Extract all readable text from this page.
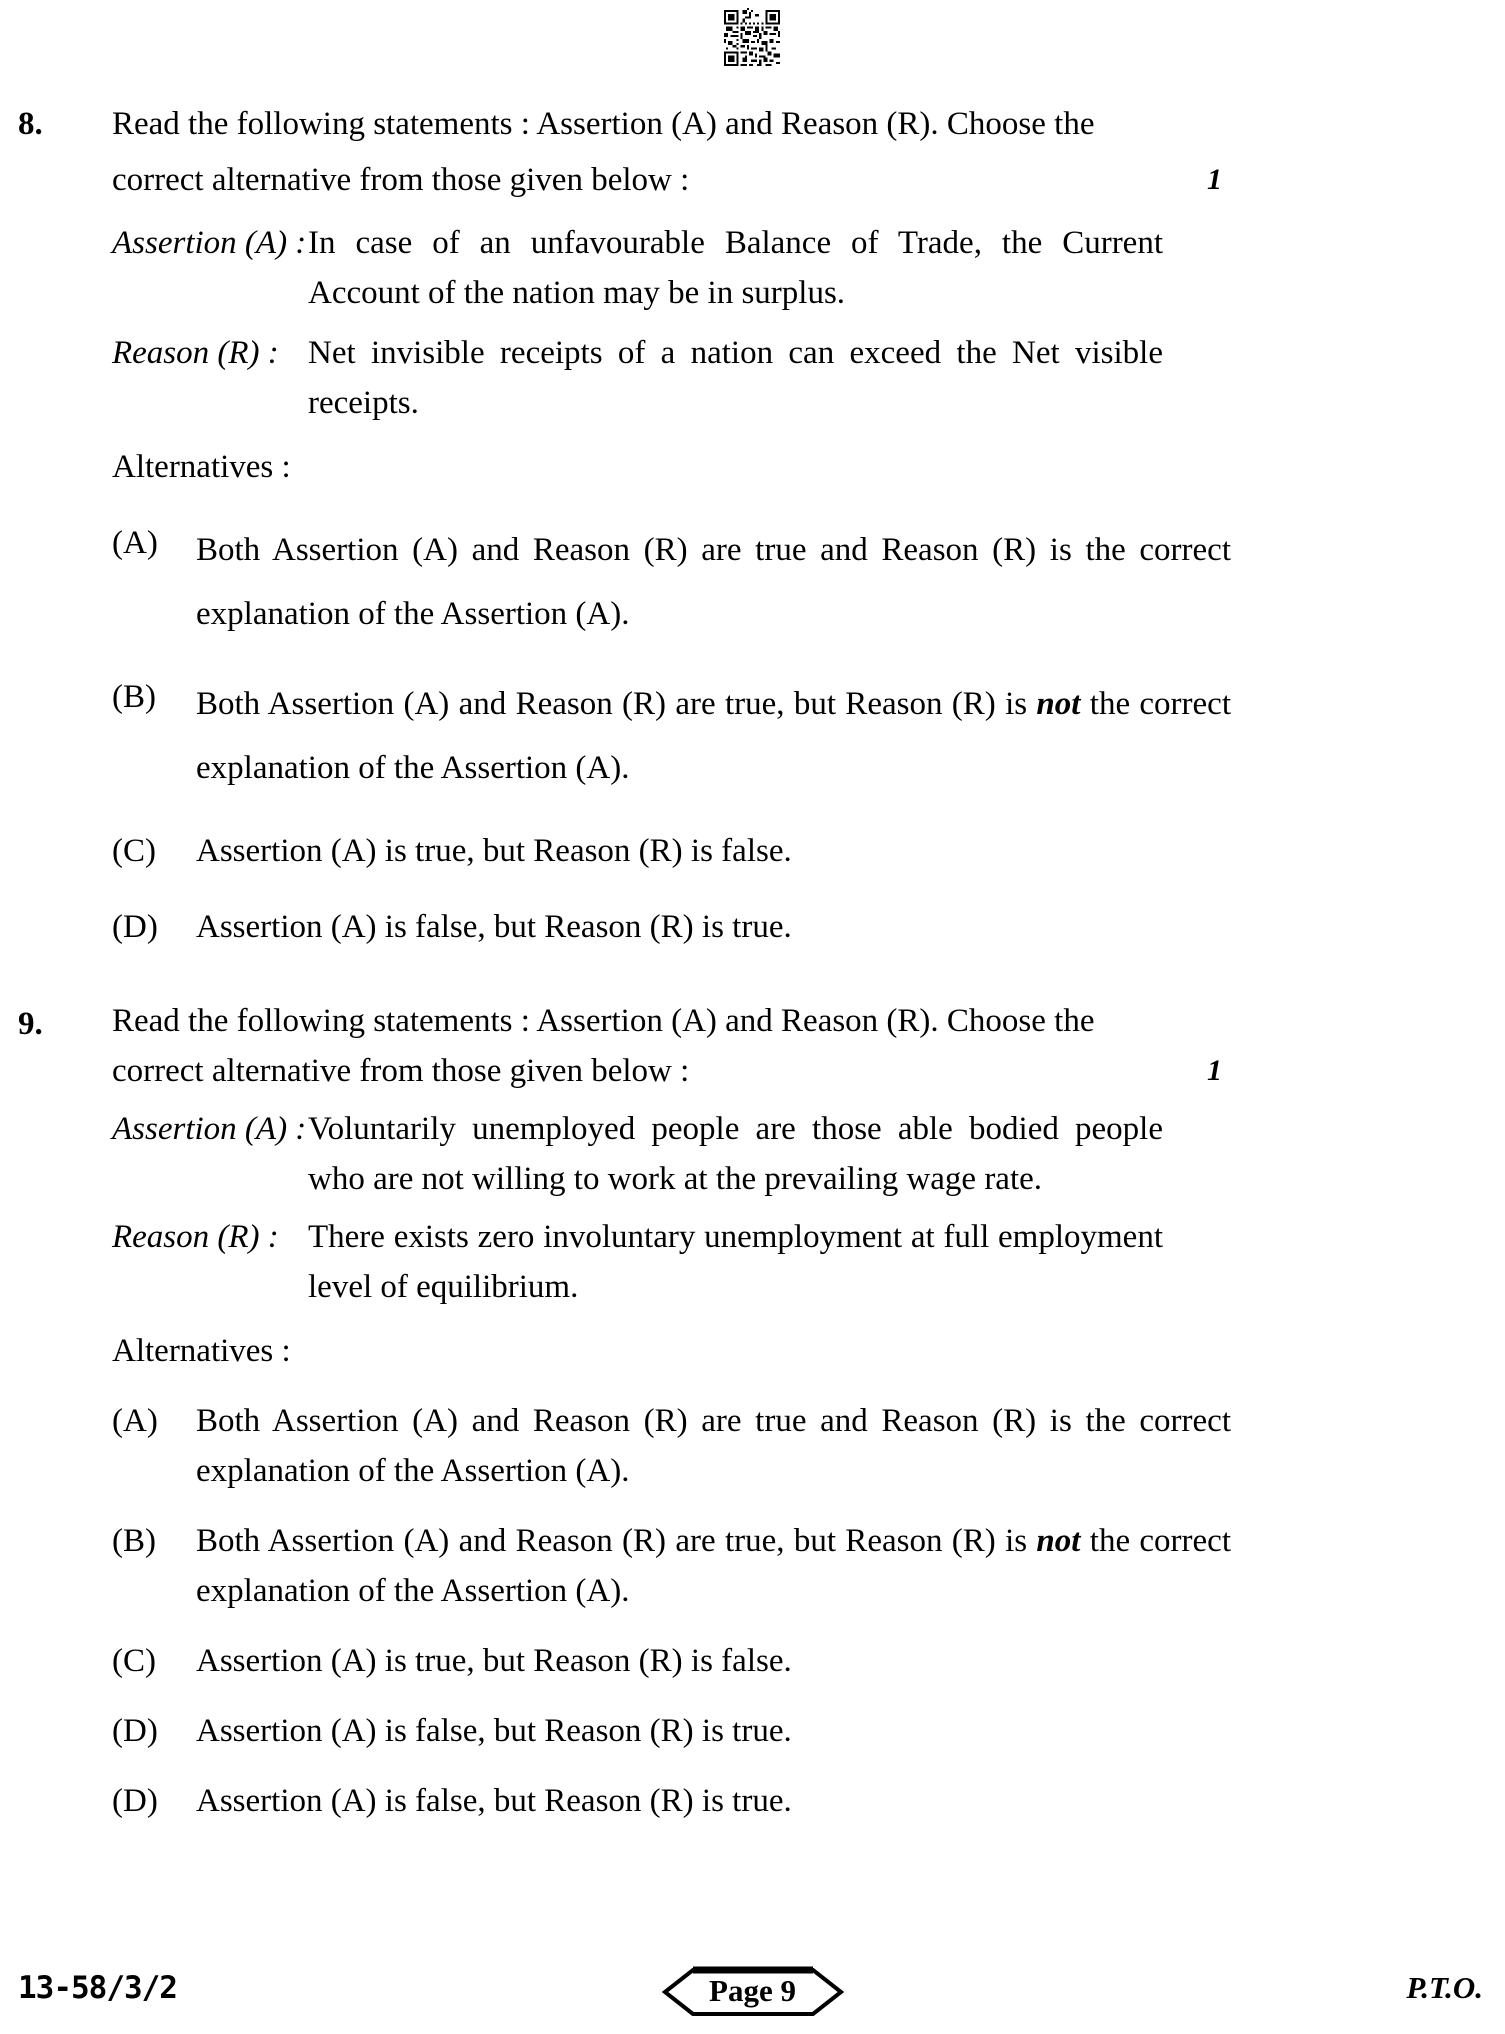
8.	Read the following statements : Assertion (A) and Reason (R). Choose the
correct alternative from those given below :	1
Assertion (A) : In case of an unfavourable Balance of Trade, the Current Account of the nation may be in surplus.
Reason (R) : Net invisible receipts of a nation can exceed the Net visible receipts.
Alternatives :
(A)	Both Assertion (A) and Reason (R) are true and Reason (R) is the correct explanation of the Assertion (A).
(B)	Both Assertion (A) and Reason (R) are true, but Reason (R) is not the correct explanation of the Assertion (A).
(C)	Assertion (A) is true, but Reason (R) is false.
(D)	Assertion (A) is false, but Reason (R) is true.
9.	Read the following statements : Assertion (A) and Reason (R). Choose the
correct alternative from those given below :	1
Assertion (A) : Voluntarily unemployed people are those able bodied people who are not willing to work at the prevailing wage rate.
Reason (R) : There exists zero involuntary unemployment at full employment level of equilibrium.
Alternatives :
(A)	Both Assertion (A) and Reason (R) are true and Reason (R) is the correct explanation of the Assertion (A).
(B)	Both Assertion (A) and Reason (R) are true, but Reason (R) is not the correct explanation of the Assertion (A).
(C)	Assertion (A) is true, but Reason (R) is false.
(D)	Assertion (A) is false, but Reason (R) is true.
(D)	Assertion (A) is false, but Reason (R) is true.
13-58/3/2	Page 9	P.T.O.
